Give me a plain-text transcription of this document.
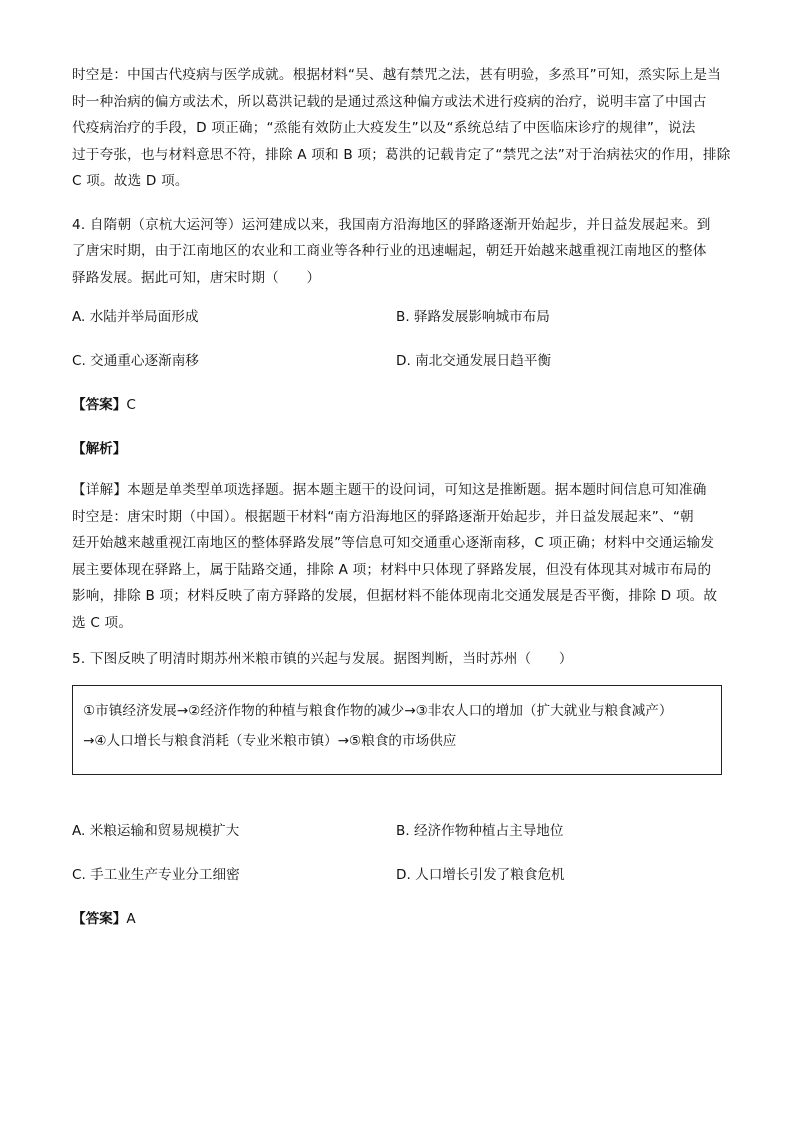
时空是：中国古代疫病与医学成就。根据材料“吴、越有禁咒之法，甚有明验，多烝耳”可知，烝实际上是当
时一种治病的偏方或法术，所以葛洪记载的是通过烝这种偏方或法术进行疫病的治疗，说明丰富了中国古
代疫病治疗的手段，D 项正确；“烝能有效防止大疫发生”以及“系统总结了中医临床诊疗的规律”，说法
过于夸张，也与材料意思不符，排除 A 项和 B 项；葛洪的记载肯定了“禁咒之法”对于治病祛灾的作用，排除
C 项。故选 D 项。

4. 自隋朝（京杭大运河等）运河建成以来，我国南方沿海地区的驿路逐渐开始起步，并日益发展起来。到
了唐宋时期，由于江南地区的农业和工商业等各种行业的迅速崛起，朝廷开始越来越重视江南地区的整体
驿路发展。据此可知，唐宋时期（　　）

A. 水陆并举局面形成	B. 驿路发展影响城市布局
C. 交通重心逐渐南移	D. 南北交通发展日趋平衡
【答案】C
【解析】

【详解】本题是单类型单项选择题。据本题主题干的设问词，可知这是推断题。据本题时间信息可知准确
时空是：唐宋时期（中国）。根据题干材料“南方沿海地区的驿路逐渐开始起步，并日益发展起来”、“朝
廷开始越来越重视江南地区的整体驿路发展”等信息可知交通重心逐渐南移，C 项正确；材料中交通运输发
展主要体现在驿路上，属于陆路交通，排除 A 项；材料中只体现了驿路发展，但没有体现其对城市布局的
影响，排除 B 项；材料反映了南方驿路的发展，但据材料不能体现南北交通发展是否平衡，排除 D 项。故
选 C 项。

5. 下图反映了明清时期苏州米粮市镇的兴起与发展。据图判断，当时苏州（　　）

①市镇经济发展→②经济作物的种植与粮食作物的减少→③非农人口的增加（扩大就业与粮食减产）
→④人口增长与粮食消耗（专业米粮市镇）→⑤粮食的市场供应
A. 米粮运输和贸易规模扩大	B. 经济作物种植占主导地位
C. 手工业生产专业分工细密	D. 人口增长引发了粮食危机
【答案】A
